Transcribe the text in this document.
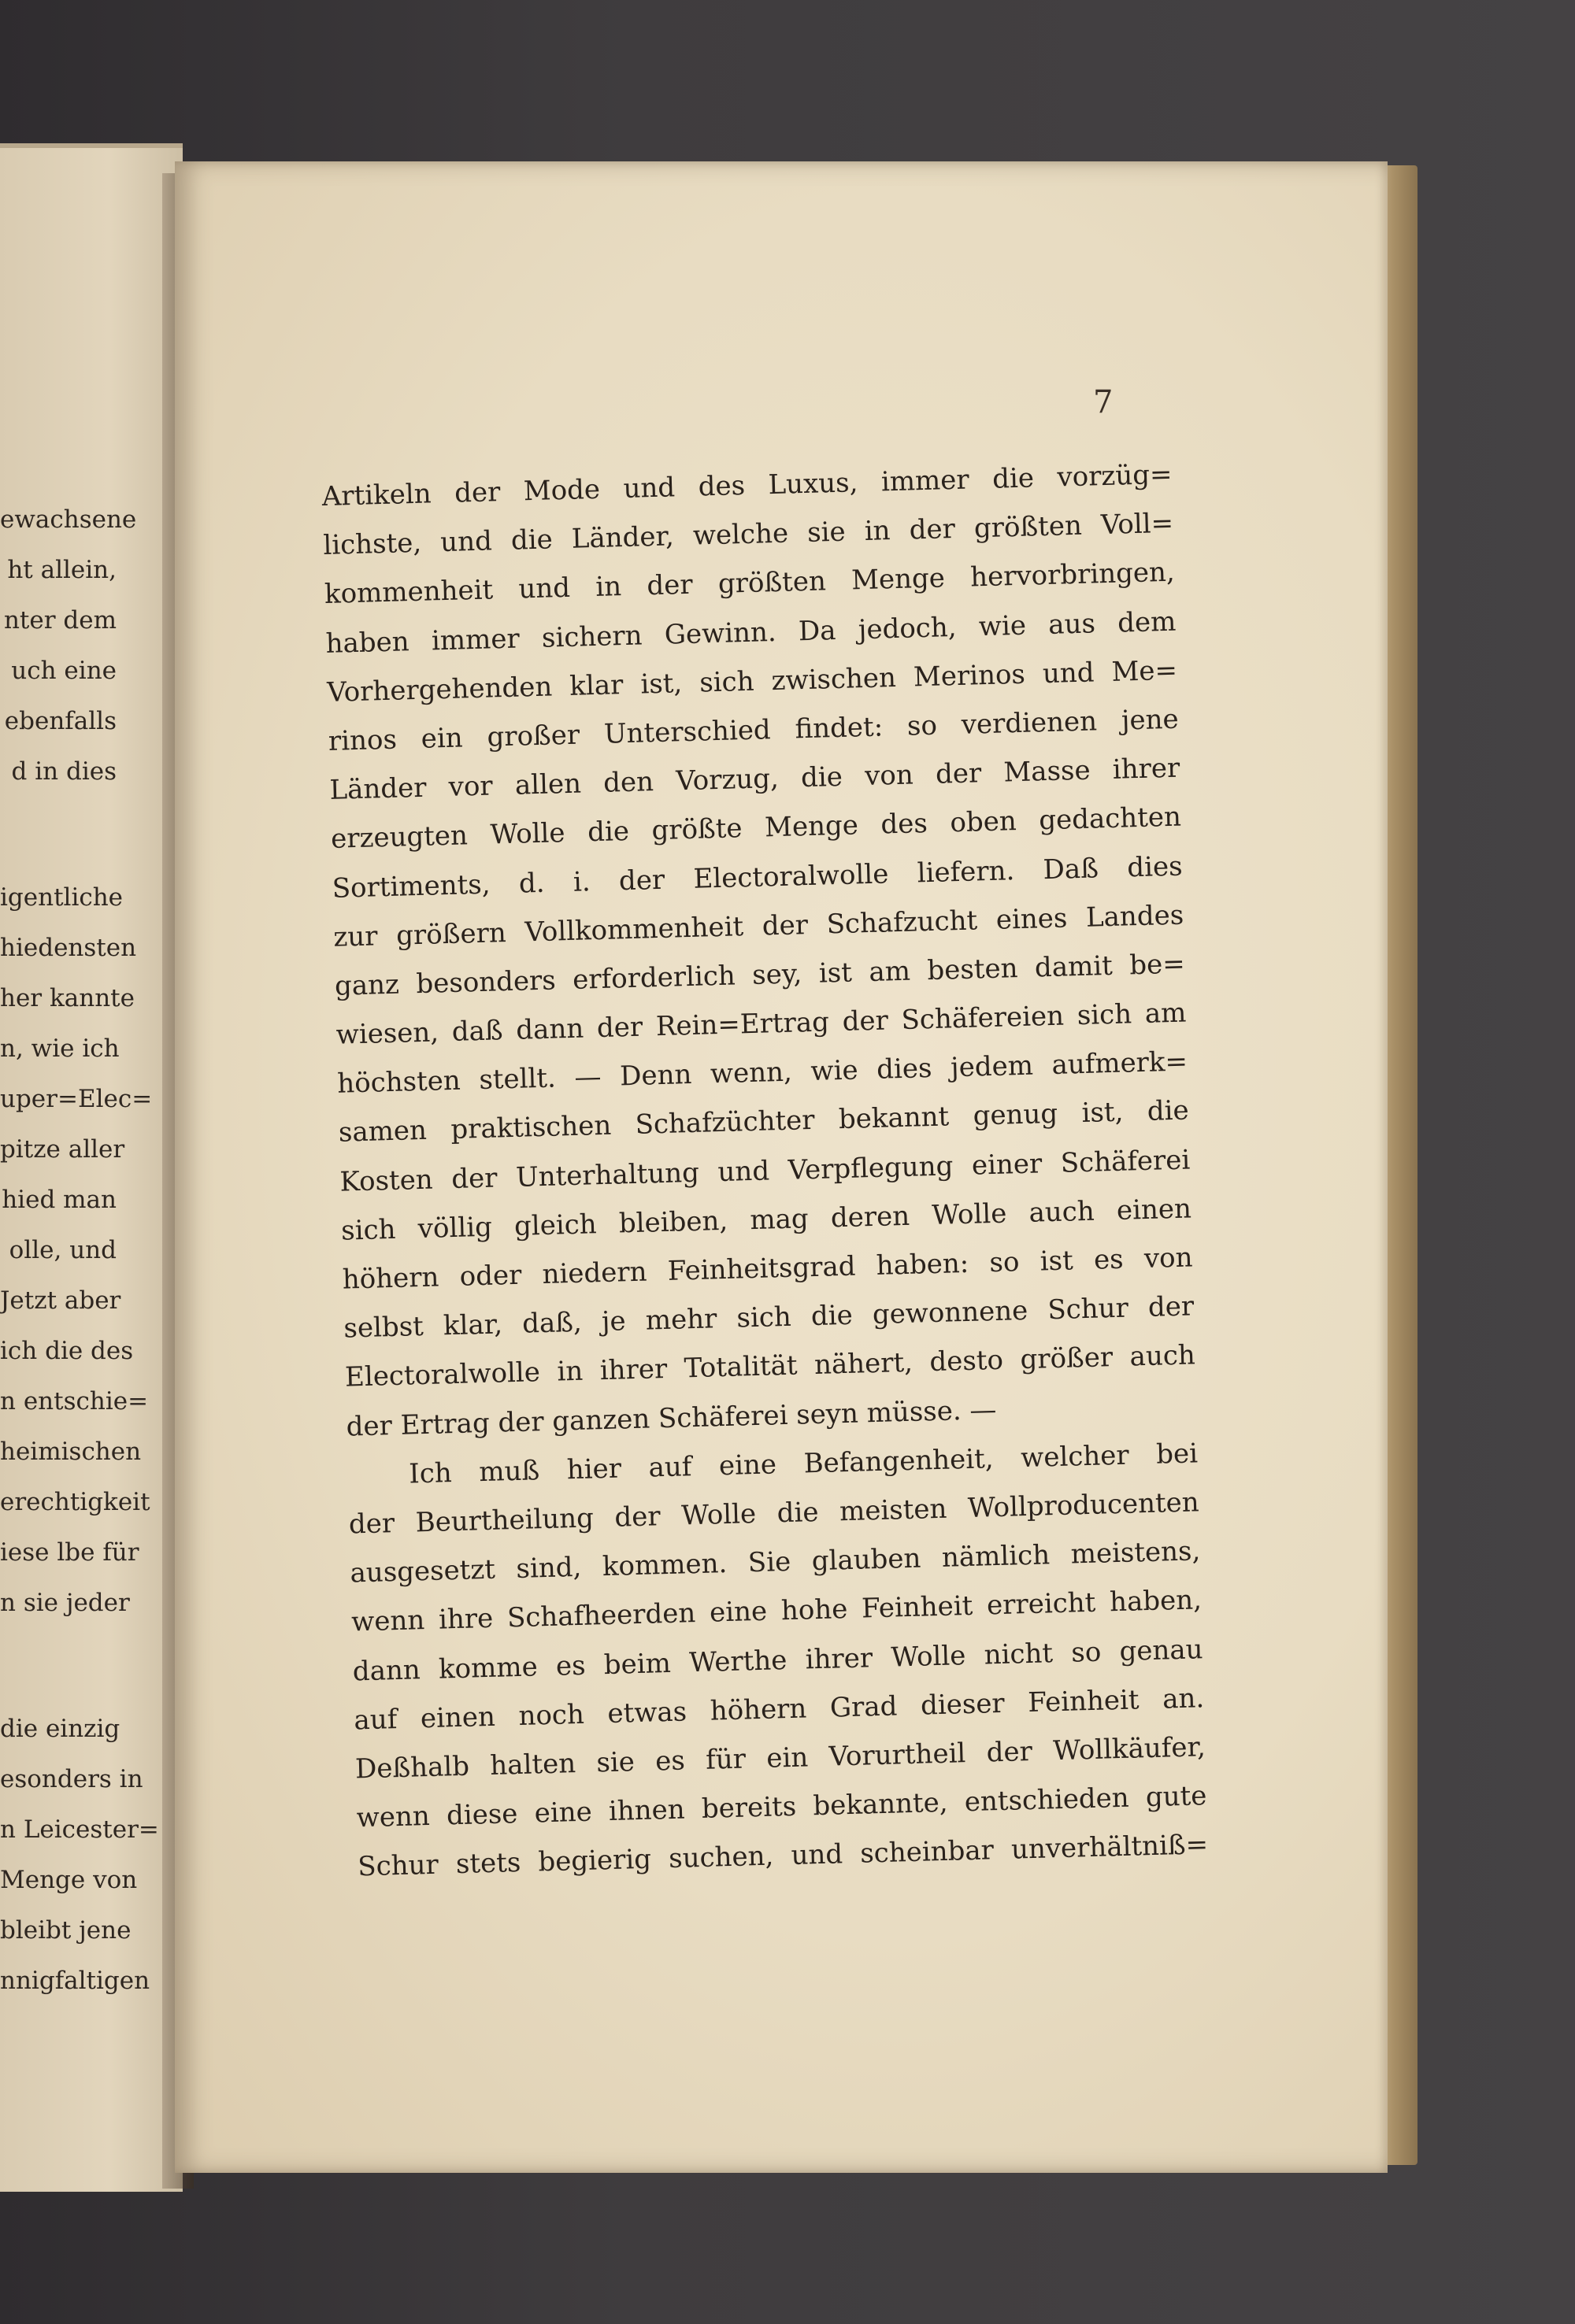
ewachsene
ht allein,
nter dem
uch eine
ebenfalls
d in dies
igentliche
hiedensten
her kannte
n, wie ich
uper=Elec=
pitze aller
hied man
olle, und
Jetzt aber
ich die des
n entschie=
heimischen
erechtigkeit
iese lbe für
n sie jeder
die einzig
esonders in
n Leicester=
Menge von
bleibt jene
nnigfaltigen
7
Artikeln der Mode und des Luxus, immer die vorzüg=
lichste, und die Länder, welche sie in der größten Voll=
kommenheit und in der größten Menge hervorbringen,
haben immer sichern Gewinn. Da jedoch, wie aus dem
Vorhergehenden klar ist, sich zwischen Merinos und Me=
rinos ein großer Unterschied findet: so verdienen jene
Länder vor allen den Vorzug, die von der Masse ihrer
erzeugten Wolle die größte Menge des oben gedachten
Sortiments, d. i. der Electoralwolle liefern. Daß dies
zur größern Vollkommenheit der Schafzucht eines Landes
ganz besonders erforderlich sey, ist am besten damit be=
wiesen, daß dann der Rein=Ertrag der Schäfereien sich am
höchsten stellt. — Denn wenn, wie dies jedem aufmerk=
samen praktischen Schafzüchter bekannt genug ist, die
Kosten der Unterhaltung und Verpflegung einer Schäferei
sich völlig gleich bleiben, mag deren Wolle auch einen
höhern oder niedern Feinheitsgrad haben: so ist es von
selbst klar, daß, je mehr sich die gewonnene Schur der
Electoralwolle in ihrer Totalität nähert, desto größer auch
der Ertrag der ganzen Schäferei seyn müsse. —
Ich muß hier auf eine Befangenheit, welcher bei
der Beurtheilung der Wolle die meisten Wollproducenten
ausgesetzt sind, kommen. Sie glauben nämlich meistens,
wenn ihre Schafheerden eine hohe Feinheit erreicht haben,
dann komme es beim Werthe ihrer Wolle nicht so genau
auf einen noch etwas höhern Grad dieser Feinheit an.
Deßhalb halten sie es für ein Vorurtheil der Wollkäufer,
wenn diese eine ihnen bereits bekannte, entschieden gute
Schur stets begierig suchen, und scheinbar unverhältniß=
